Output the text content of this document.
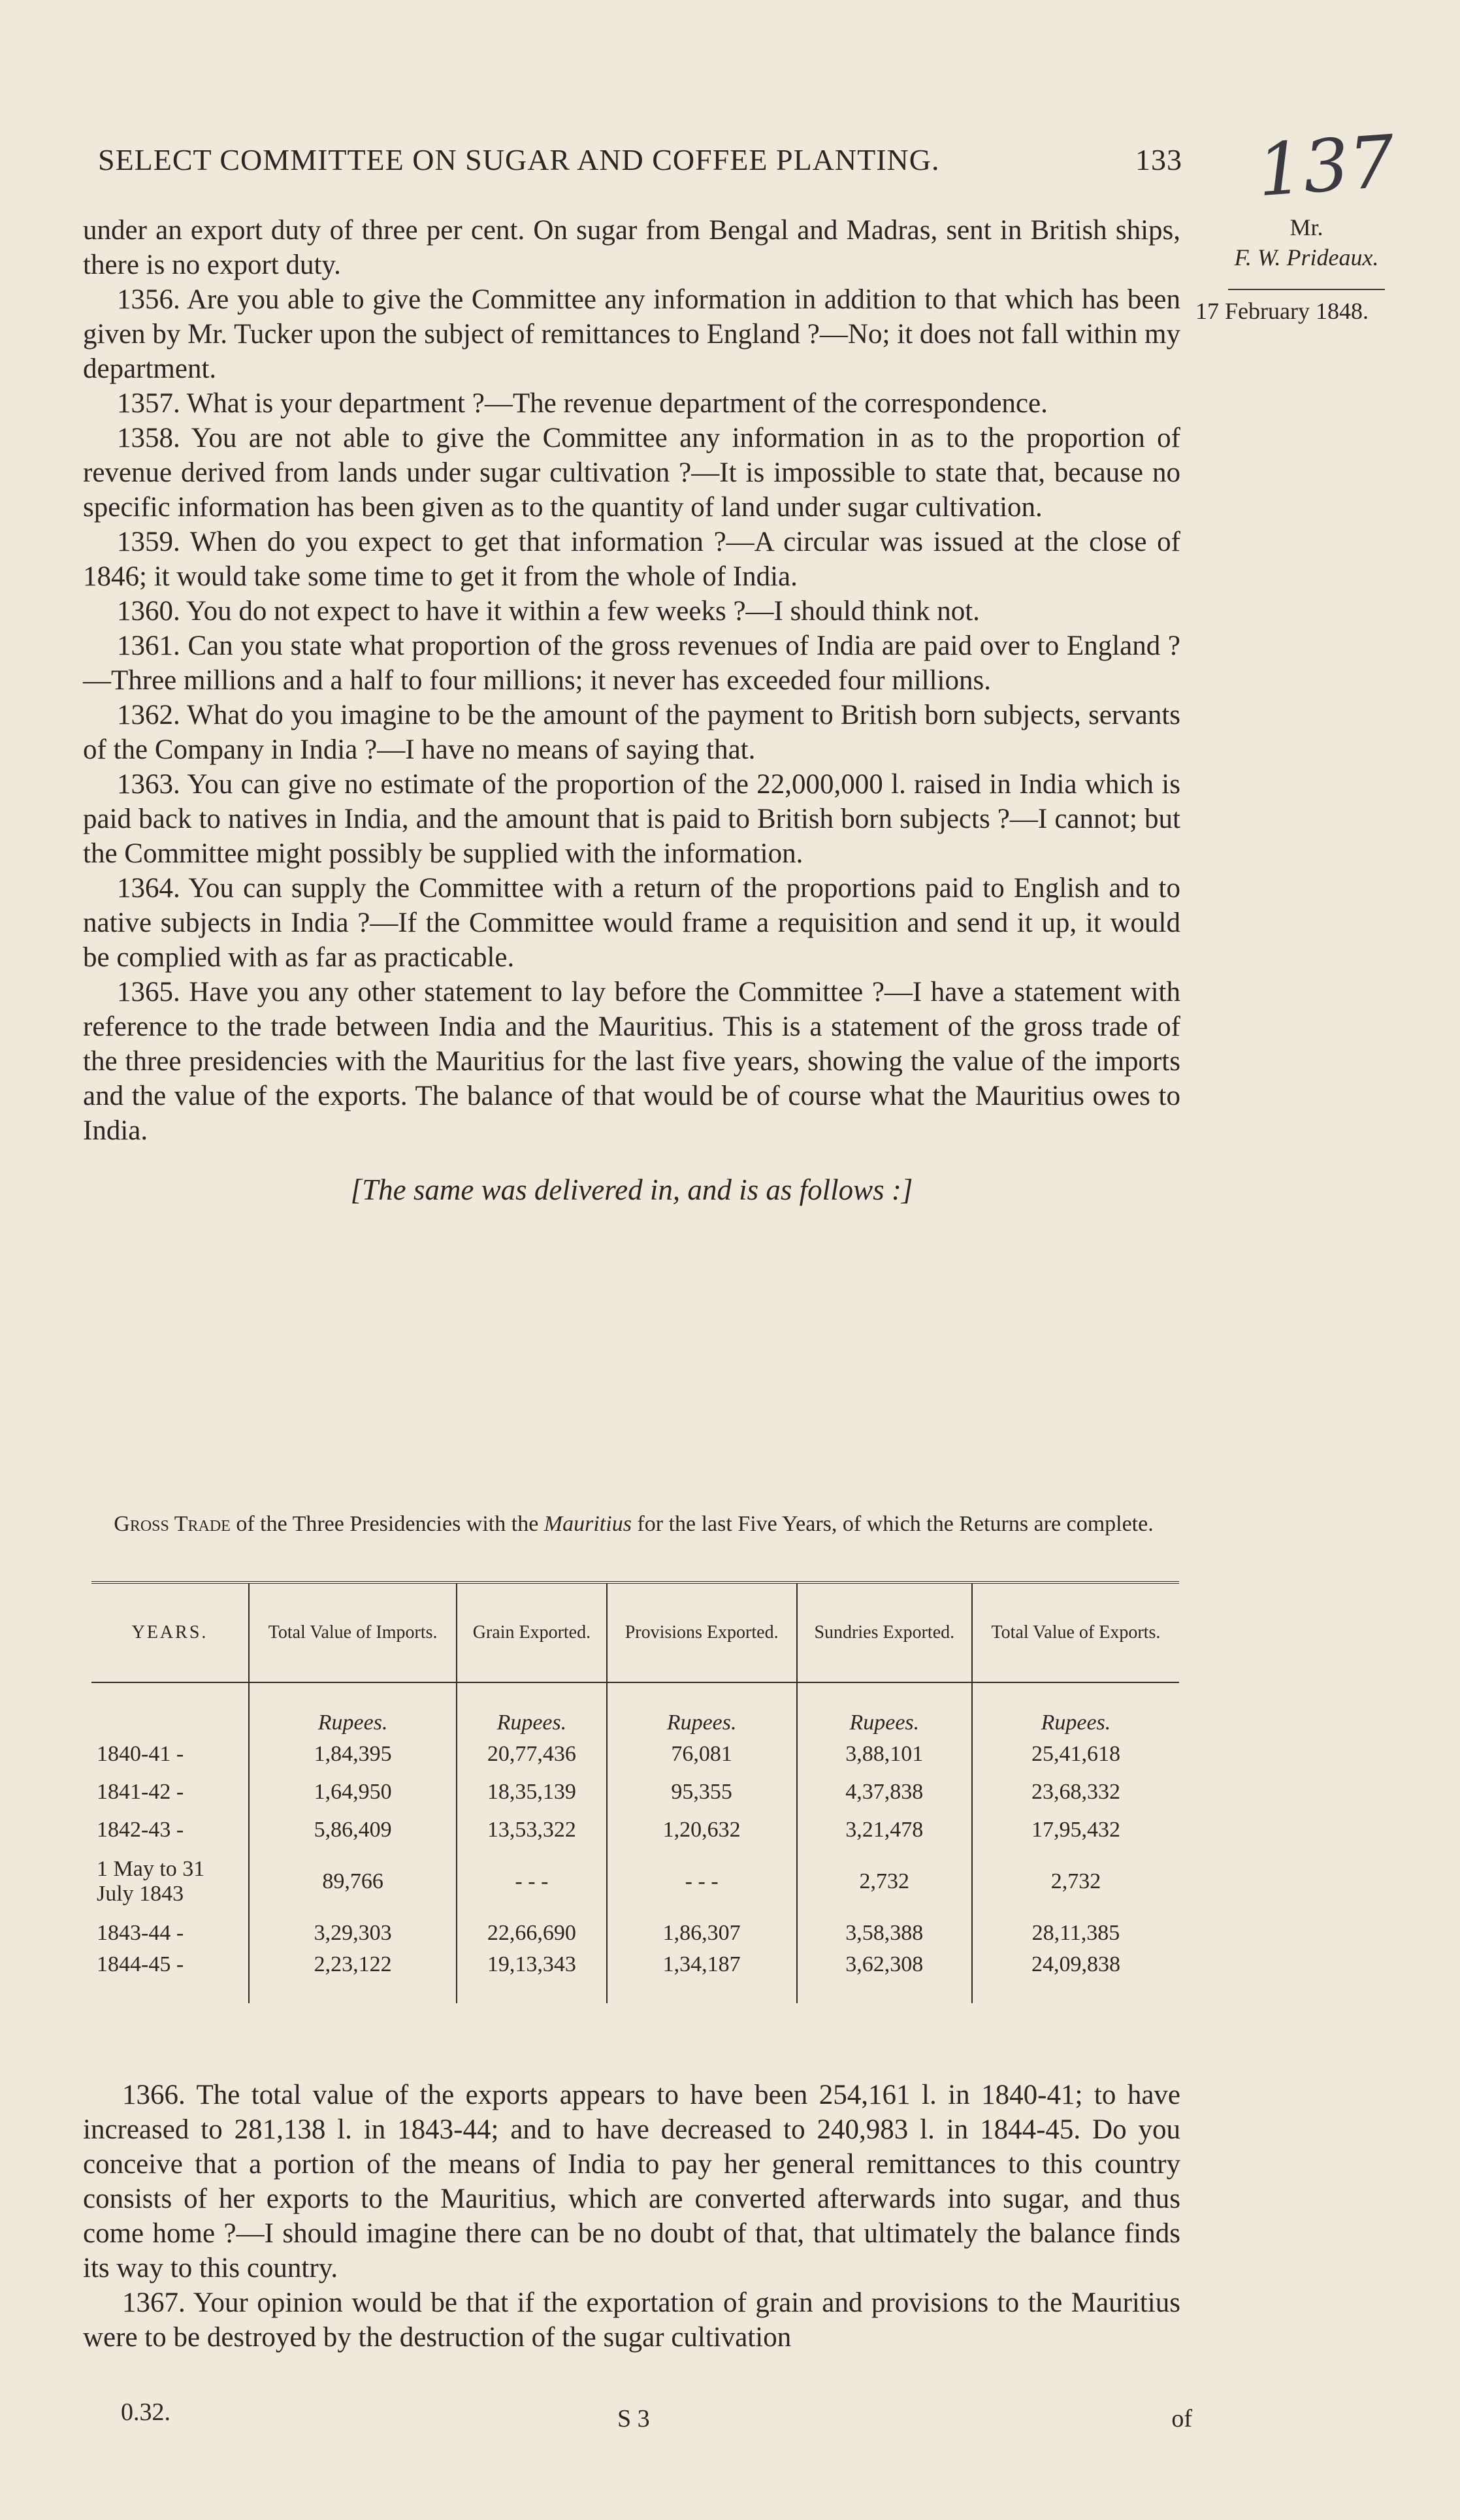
SELECT COMMITTEE ON SUGAR AND COFFEE PLANTING.	133 137
Mr.
F. W. Prideaux.
17 February 1848.

under an export duty of three per cent. On sugar from Bengal and Madras, sent in British ships, there is no export duty.

1356. Are you able to give the Committee any information in addition to that which has been given by Mr. Tucker upon the subject of remittances to England ?—No; it does not fall within my department.

1357. What is your department ?—The revenue department of the correspondence.

1358. You are not able to give the Committee any information in as to the proportion of revenue derived from lands under sugar cultivation ?—It is impossible to state that, because no specific information has been given as to the quantity of land under sugar cultivation.

1359. When do you expect to get that information ?—A circular was issued at the close of 1846; it would take some time to get it from the whole of India.

1360. You do not expect to have it within a few weeks ?—I should think not.

1361. Can you state what proportion of the gross revenues of India are paid over to England ?—Three millions and a half to four millions; it never has exceeded four millions.

1362. What do you imagine to be the amount of the payment to British born subjects, servants of the Company in India ?—I have no means of saying that.

1363. You can give no estimate of the proportion of the 22,000,000 l. raised in India which is paid back to natives in India, and the amount that is paid to British born subjects ?—I cannot; but the Committee might possibly be supplied with the information.

1364. You can supply the Committee with a return of the proportions paid to English and to native subjects in India ?—If the Committee would frame a requisition and send it up, it would be complied with as far as practicable.

1365. Have you any other statement to lay before the Committee ?—I have a statement with reference to the trade between India and the Mauritius. This is a statement of the gross trade of the three presidencies with the Mauritius for the last five years, showing the value of the imports and the value of the exports. The balance of that would be of course what the Mauritius owes to India.

[The same was delivered in, and is as follows :]
Gross Trade of the Three Presidencies with the Mauritius for the last Five Years, of which the Returns are complete.
YEARS.	Total Value of Imports.	Grain Exported.	Provisions Exported.	Sundries Exported.	Total Value of Exports.
	Rupees.	Rupees.	Rupees.	Rupees.	Rupees.
1840-41 -	1,84,395	20,77,436	76,081	3,88,101	25,41,618
1841-42 -	1,64,950	18,35,139	95,355	4,37,838	23,68,332
1842-43 -	5,86,409	13,53,322	1,20,632	3,21,478	17,95,432
1 May to 31 July 1843	89,766	- - -	- - -	2,732	2,732
1843-44 -	3,29,303	22,66,690	1,86,307	3,58,388	28,11,385
1844-45 -	2,23,122	19,13,343	1,34,187	3,62,308	24,09,838

1366. The total value of the exports appears to have been 254,161 l. in 1840-41; to have increased to 281,138 l. in 1843-44; and to have decreased to 240,983 l. in 1844-45. Do you conceive that a portion of the means of India to pay her general remittances to this country consists of her exports to the Mauritius, which are converted afterwards into sugar, and thus come home ?—I should imagine there can be no doubt of that, that ultimately the balance finds its way to this country.

1367. Your opinion would be that if the exportation of grain and provisions to the Mauritius were to be destroyed by the destruction of the sugar cultivation

0.32.	S 3	of
